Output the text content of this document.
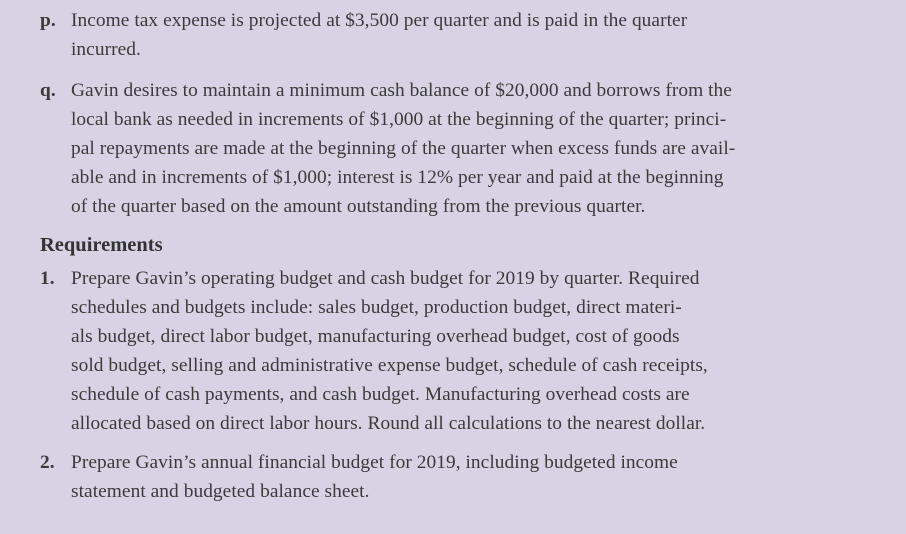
p. Income tax expense is projected at $3,500 per quarter and is paid in the quarter
incurred.
q. Gavin desires to maintain a minimum cash balance of $20,000 and borrows from the
local bank as needed in increments of $1,000 at the beginning of the quarter; princi-
pal repayments are made at the beginning of the quarter when excess funds are avail-
able and in increments of $1,000; interest is 12% per year and paid at the beginning
of the quarter based on the amount outstanding from the previous quarter.
Requirements
1. Prepare Gavin’s operating budget and cash budget for 2019 by quarter. Required
schedules and budgets include: sales budget, production budget, direct materi-
als budget, direct labor budget, manufacturing overhead budget, cost of goods
sold budget, selling and administrative expense budget, schedule of cash receipts,
schedule of cash payments, and cash budget. Manufacturing overhead costs are
allocated based on direct labor hours. Round all calculations to the nearest dollar.
2. Prepare Gavin’s annual financial budget for 2019, including budgeted income
statement and budgeted balance sheet.
